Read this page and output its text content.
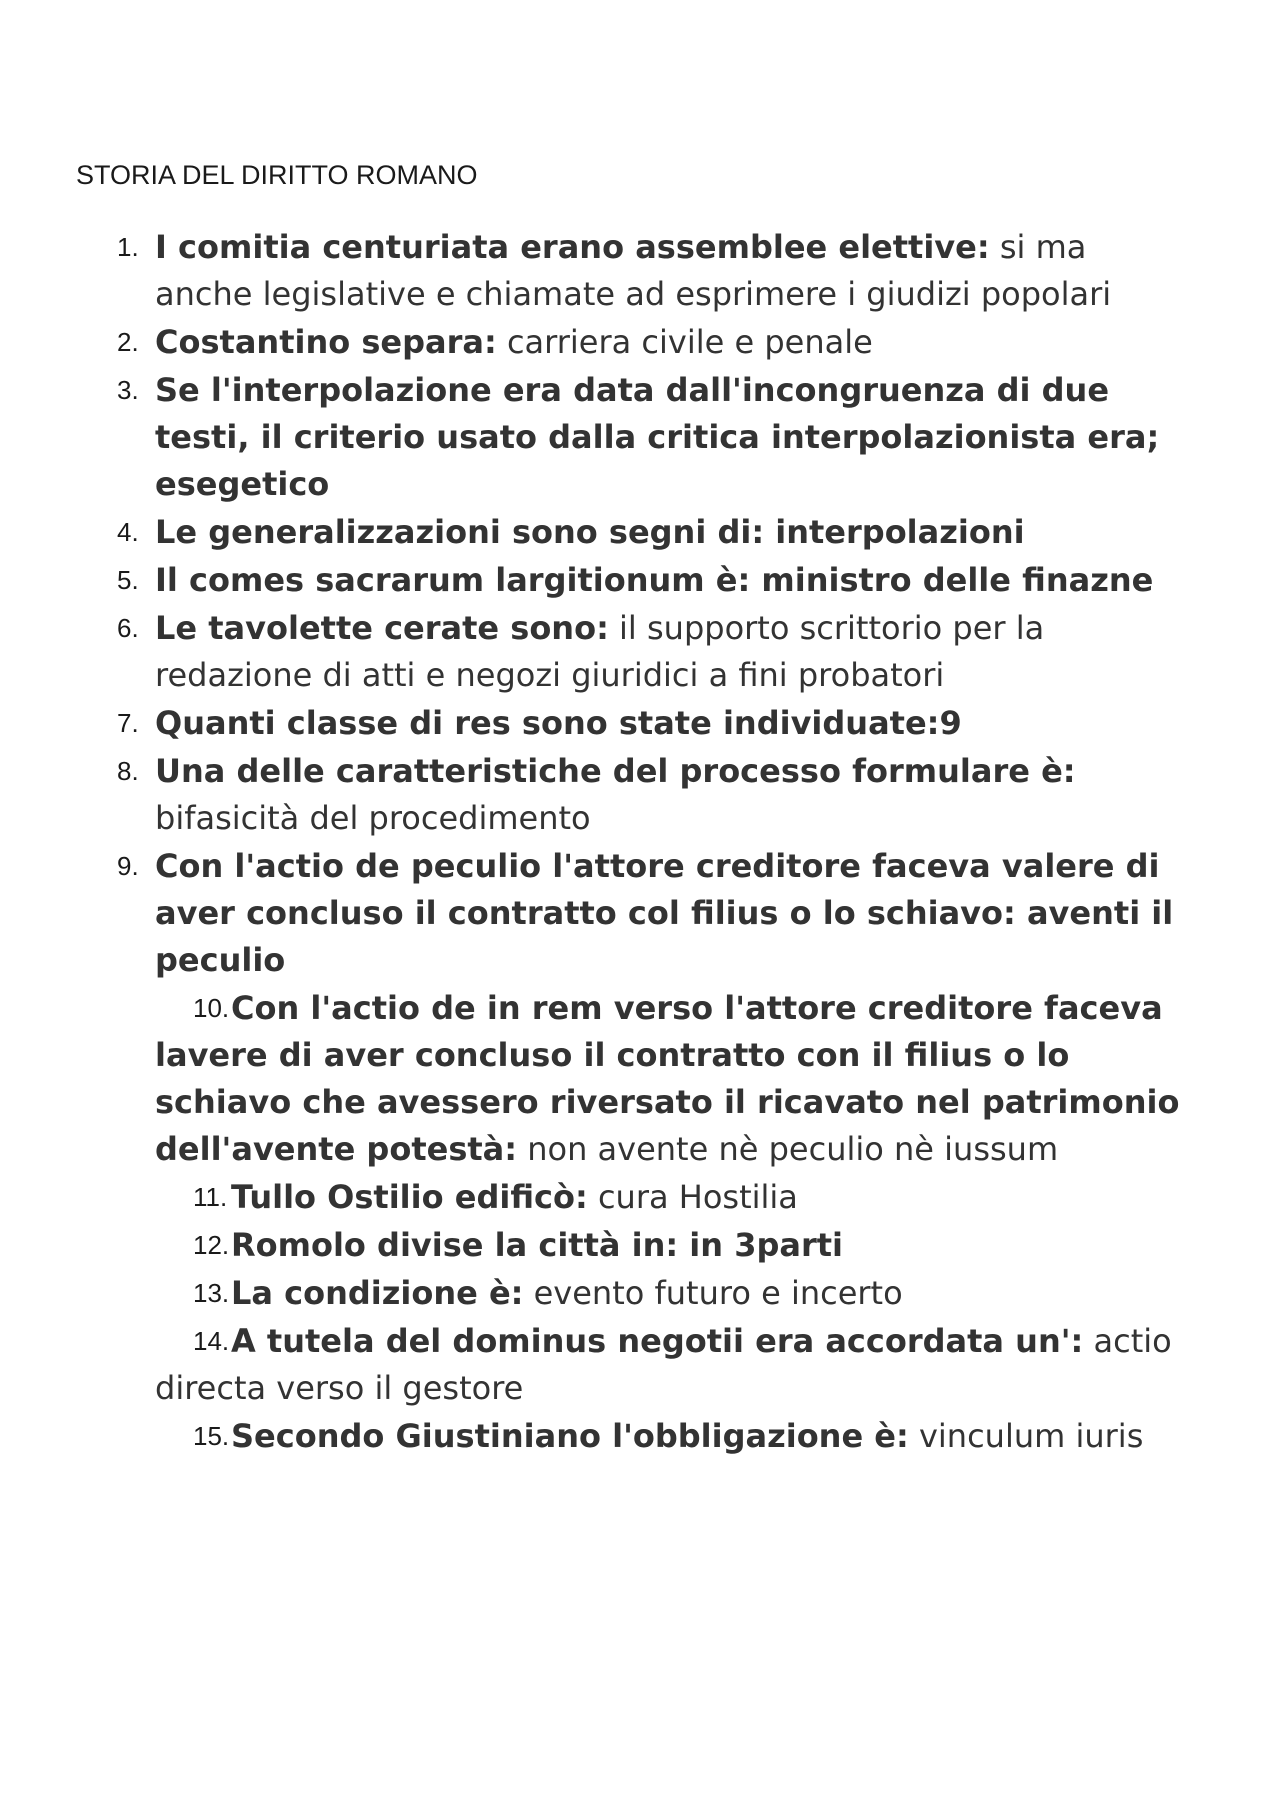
STORIA DEL DIRITTO ROMANO
1. I comitia centuriata erano assemblee elettive: si ma anche legislative e chiamate ad esprimere i giudizi popolari
2. Costantino separa: carriera civile e penale
3. Se l'interpolazione era data dall'incongruenza di due testi, il criterio usato dalla critica interpolazionista era; esegetico
4. Le generalizzazioni sono segni di: interpolazioni
5. Il comes sacrarum largitionum è: ministro delle finazne
6. Le tavolette cerate sono: il supporto scrittorio per la redazione di atti e negozi giuridici a fini probatori
7. Quanti classe di res sono state individuate:9
8. Una delle caratteristiche del processo formulare è: bifasicità del procedimento
9. Con l'actio de peculio l'attore creditore faceva valere di aver concluso il contratto col filius o lo schiavo: aventi il peculio
10. Con l'actio de in rem verso l'attore creditore faceva lavere di aver concluso il contratto con il filius o lo schiavo che avessero riversato il ricavato nel patrimonio dell'avente potestà: non avente nè peculio nè iussum
11. Tullo Ostilio edificò: cura Hostilia
12. Romolo divise la città in: in 3parti
13. La condizione è: evento futuro e incerto
14. A tutela del dominus negotii era accordata un': actio directa verso il gestore
15. Secondo Giustiniano l'obbligazione è: vinculum iuris
